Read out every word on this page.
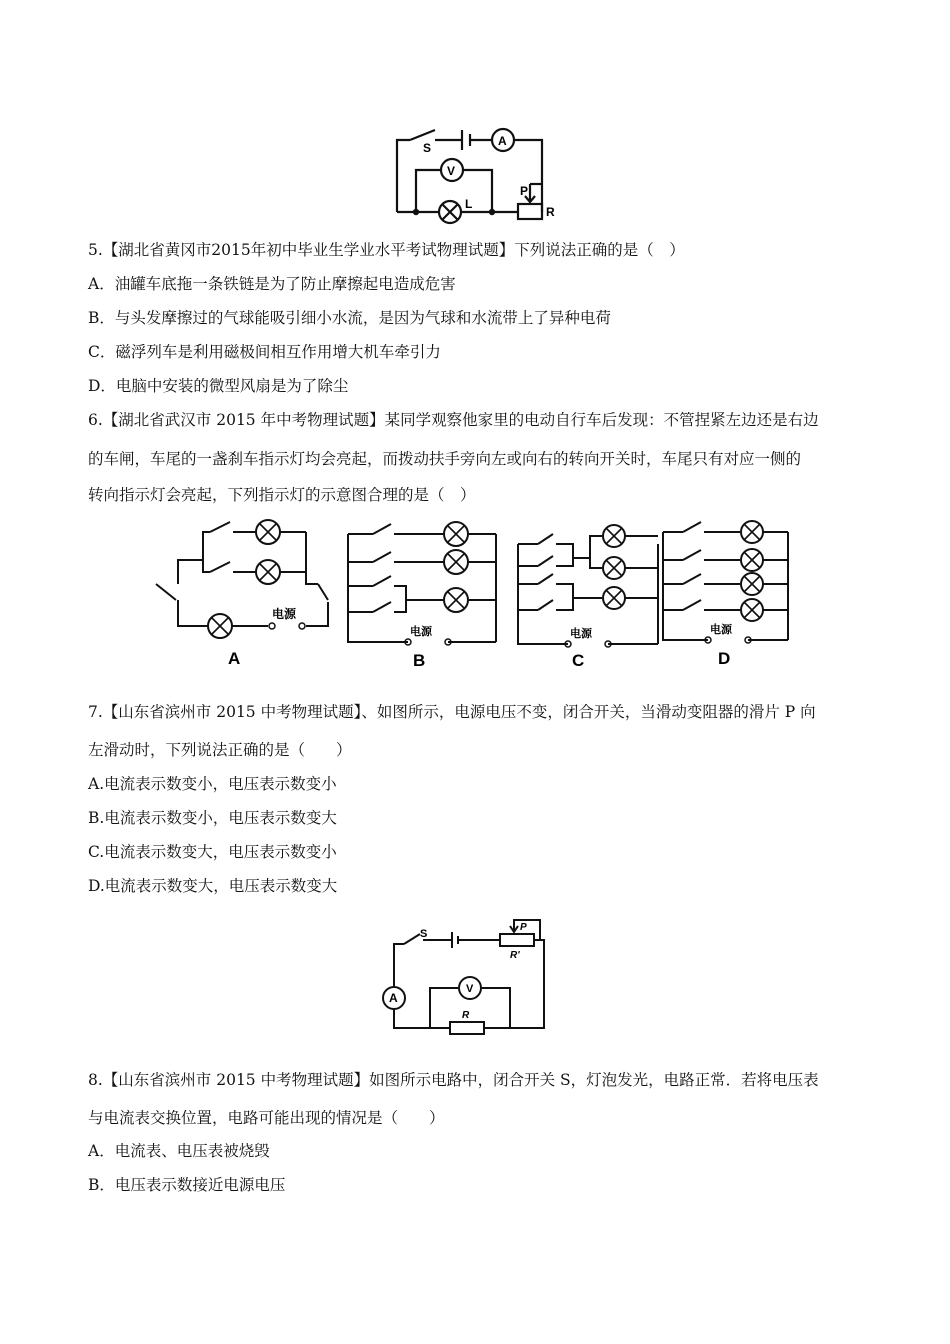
S	A
V
L
P
R
5.【湖北省黄冈市2015年初中毕业生学业水平考试物理试题】下列说法正确的是（　）
A．油罐车底拖一条铁链是为了防止摩擦起电造成危害
B．与头发摩擦过的气球能吸引细小水流，是因为气球和水流带上了异种电荷
C．磁浮列车是利用磁极间相互作用增大机车牵引力
D．电脑中安装的微型风扇是为了除尘
6.【湖北省武汉市 2015 年中考物理试题】某同学观察他家里的电动自行车后发现：不管捏紧左边还是右边
的车闸，车尾的一盏刹车指示灯均会亮起，而拨动扶手旁向左或向右的转向开关时，车尾只有对应一侧的
转向指示灯会亮起，下列指示灯的示意图合理的是（　）
电源
电源	电源	电源
A	B	C	D
7.【山东省滨州市 2015 中考物理试题】、如图所示，电源电压不变，闭合开关，当滑动变阻器的滑片 P 向
左滑动时，下列说法正确的是（　　）
A.电流表示数变小，电压表示数变小
B.电流表示数变小，电压表示数变大
C.电流表示数变大，电压表示数变小
D.电流表示数变大，电压表示数变大
S
P
R'
A
V
R
8.【山东省滨州市 2015 中考物理试题】如图所示电路中，闭合开关 S，灯泡发光，电路正常．若将电压表
与电流表交换位置，电路可能出现的情况是（　　）
A．电流表、电压表被烧毁
B．电压表示数接近电源电压
